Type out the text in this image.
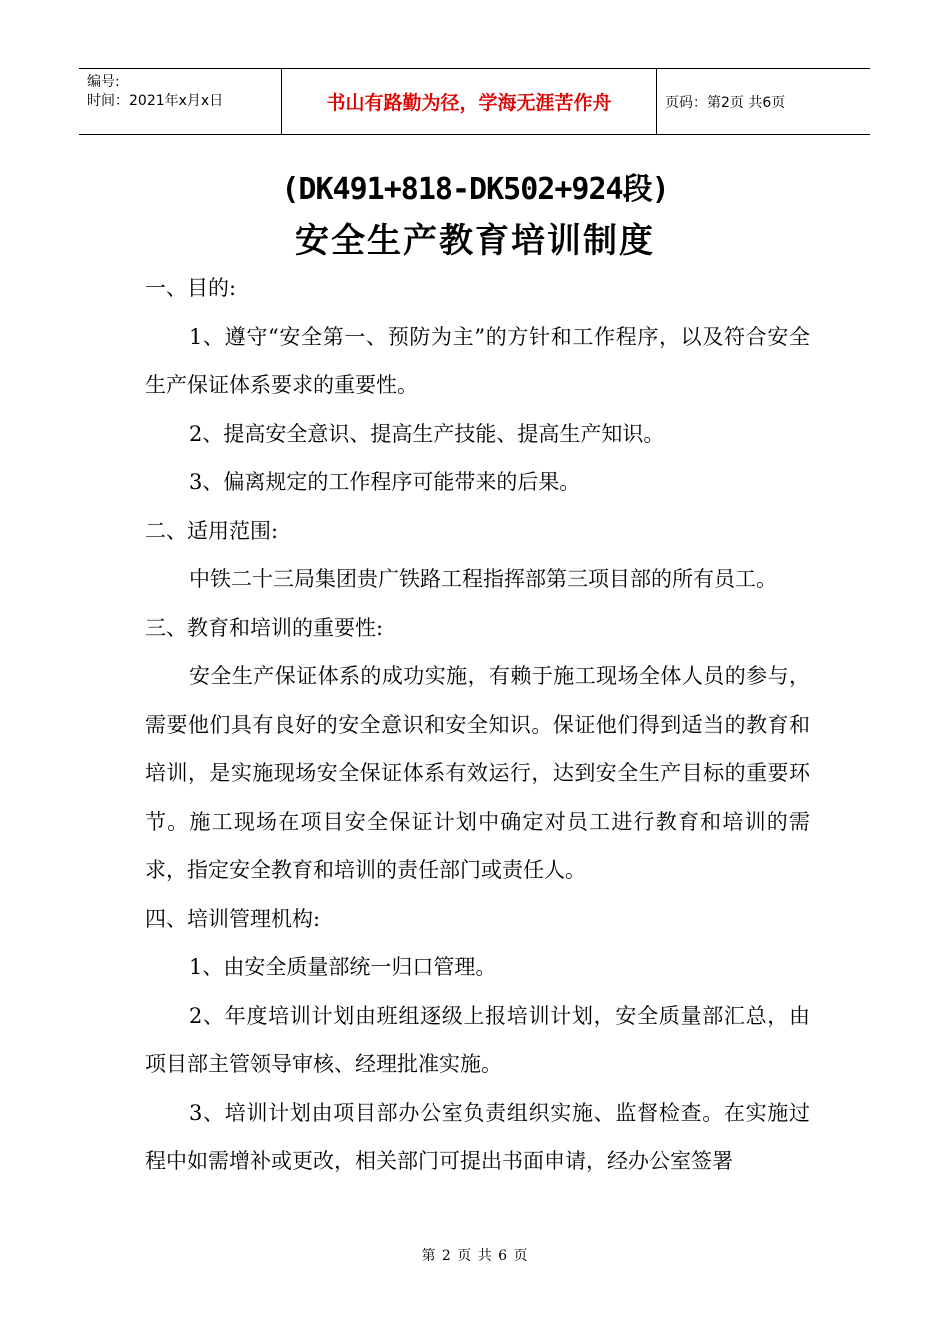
编号:
时间：2021年x月x日	书山有路勤为径，学海无涯苦作舟	页码：第2页 共6页
(DK491+818-DK502+924段)
安全生产教育培训制度

一、目的:

1、遵守“安全第一、预防为主”的方针和工作程序，以及符合安全生产保证体系要求的重要性。

2、提高安全意识、提高生产技能、提高生产知识。

3、偏离规定的工作程序可能带来的后果。

二、适用范围:

中铁二十三局集团贵广铁路工程指挥部第三项目部的所有员工。

三、教育和培训的重要性:

安全生产保证体系的成功实施，有赖于施工现场全体人员的参与，需要他们具有良好的安全意识和安全知识。保证他们得到适当的教育和培训，是实施现场安全保证体系有效运行，达到安全生产目标的重要环节。施工现场在项目安全保证计划中确定对员工进行教育和培训的需求，指定安全教育和培训的责任部门或责任人。

四、培训管理机构:

1、由安全质量部统一归口管理。

2、年度培训计划由班组逐级上报培训计划，安全质量部汇总，由项目部主管领导审核、经理批准实施。

3、培训计划由项目部办公室负责组织实施、监督检查。在实施过程中如需增补或更改，相关部门可提出书面申请，经办公室签署

第 2 页 共 6 页
